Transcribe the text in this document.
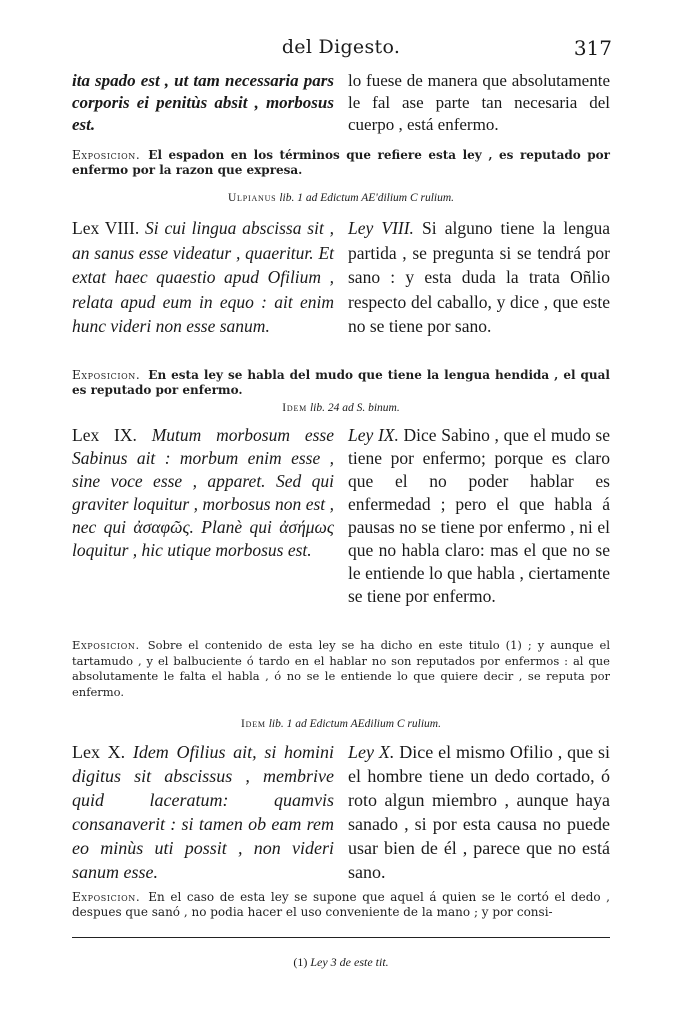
del Digesto.	317

ita spado est , ut tam necessaria pars corporis ei penitùs absit , morbosus est.

lo fuese de manera que absolutamente le fal ase parte tan necesaria del cuerpo , está enfermo.

Exposicion. El espadon en los términos que refiere esta ley , es reputado por enfermo por la razon que expresa.
Ulpianus lib. 1 ad Edictum AE'dilium C rulium.

Lex VIII. Si cui lingua abscissa sit , an sanus esse videatur , quaeritur. Et extat haec quaestio apud Ofilium , relata apud eum in equo : ait enim hunc videri non esse sanum.

Ley VIII. Si alguno tiene la lengua partida , se pregunta si se tendrá por sano : y esta duda la trata Oñlio respecto del caballo, y dice , que este no se tiene por sano.

Exposicion. En esta ley se habla del mudo que tiene la lengua hendida , el qual es reputado por enfermo.
Idem lib. 24 ad S. binum.

Lex IX. Mutum morbosum esse Sabinus ait : morbum enim esse , sine voce esse , apparet. Sed qui graviter loquitur , morbosus non est , nec qui ἀσαφῶς. Planè qui ἀσήμως loquitur , hic utique morbosus est.

Ley IX. Dice Sabino , que el mudo se tiene por enfermo; porque es claro que el no poder hablar es enfermedad ; pero el que habla á pausas no se tiene por enfermo , ni el que no habla claro: mas el que no se le entiende lo que habla , ciertamente se tiene por enfermo.

Exposicion. Sobre el contenido de esta ley se ha dicho en este titulo (1) ; y aunque el tartamudo , y el balbuciente ó tardo en el hablar no son reputados por enfermos : al que absolutamente le falta el habla , ó no se le entiende lo que quiere decir , se reputa por enfermo.
Idem lib. 1 ad Edictum AEdilium C rulium.

Lex X. Idem Ofilius ait, si homini digitus sit abscissus , membrive quid laceratum: quamvis consanaverit : si tamen ob eam rem eo minùs uti possit , non videri sanum esse.

Ley X. Dice el mismo Ofilio , que si el hombre tiene un dedo cortado, ó roto algun miembro , aunque haya sanado , si por esta causa no puede usar bien de él , parece que no está sano.

Exposicion. En el caso de esta ley se supone que aquel á quien se le cortó el dedo , despues que sanó , no podia hacer el uso conveniente de la mano ; y por consi-
(1) Ley 3 de este tit.
